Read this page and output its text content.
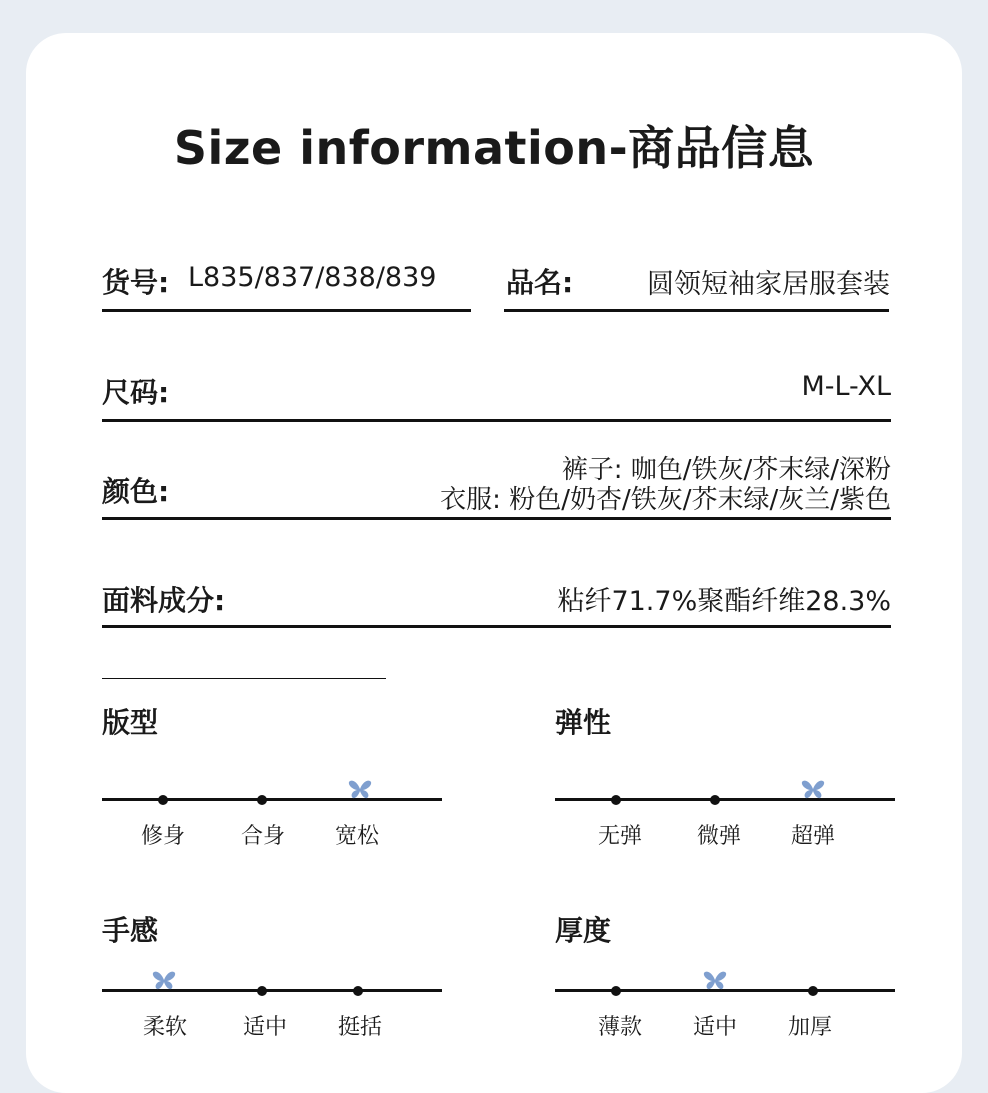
Size information-商品信息
货号: L835/837/838/839 品名:	圆领短袖家居服套装
尺码:	M-L-XL
颜色:
裤子: 咖色/铁灰/芥末绿/深粉
衣服: 粉色/奶杏/铁灰/芥末绿/灰兰/紫色
面料成分:	粘纤71.7%聚酯纤维28.3%
版型
修身	合身	宽松
弹性
无弹	微弹	超弹
手感
柔软	适中	挺括
厚度
薄款	适中	加厚
